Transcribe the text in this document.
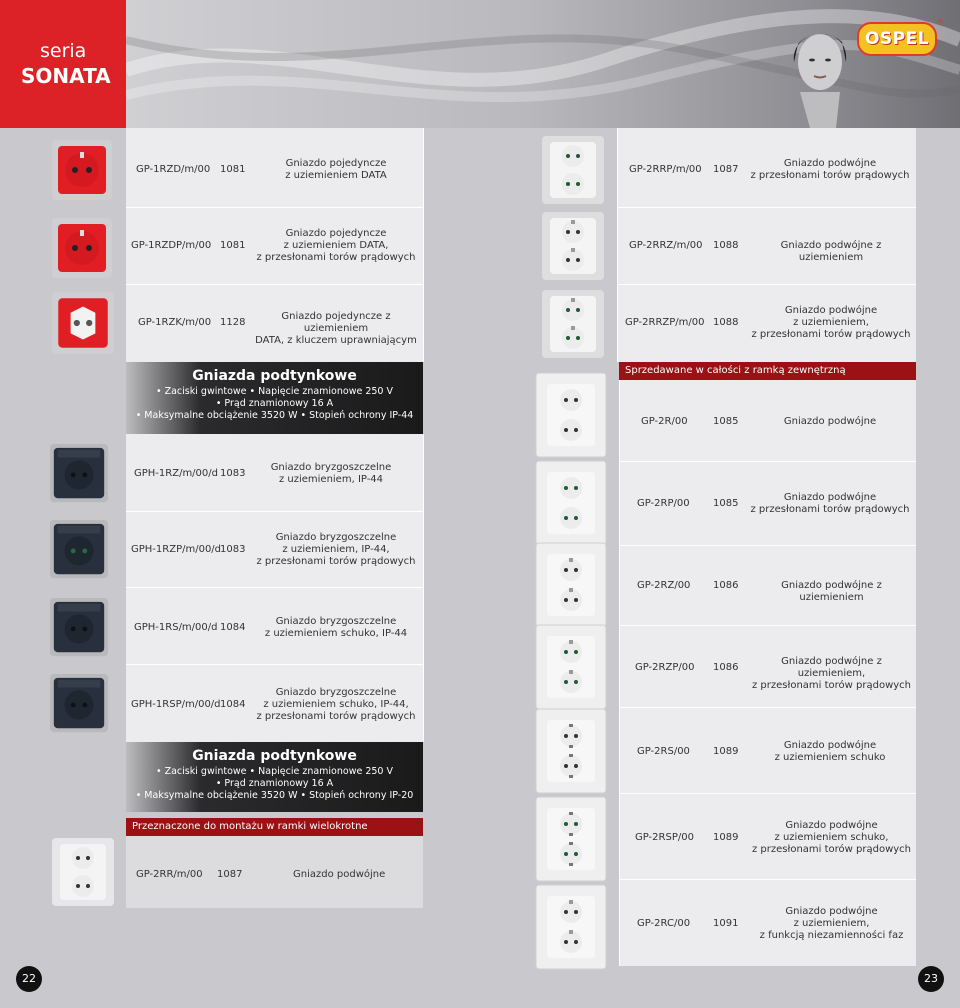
seria
SONATA
OSPEL
®
GP-1RZD/m/00 1081
Gniazdo pojedyncze
z uziemieniem DATA
GP-1RZDP/m/00 1081
Gniazdo pojedyncze
z uziemieniem DATA,
z przesłonami torów prądowych
GP-1RZK/m/00 1128
Gniazdo pojedyncze z uziemieniem
DATA, z kluczem uprawniającym
Gniazda podtynkowe
• Zaciski gwintowe • Napięcie znamionowe 250 V
• Prąd znamionowy 16 A
• Maksymalne obciążenie 3520 W • Stopień ochrony IP-44
GPH-1RZ/m/00/d 1083
Gniazdo bryzgoszczelne
z uziemieniem, IP-44
GPH-1RZP/m/00/d
1083
Gniazdo bryzgoszczelne
z uziemieniem, IP-44,
z przesłonami torów prądowych
GPH-1RS/m/00/d 1084
Gniazdo bryzgoszczelne
z uziemieniem schuko, IP-44
GPH-1RSP/m/00/d 1084
Gniazdo bryzgoszczelne
z uziemieniem schuko, IP-44,
z przesłonami torów prądowych
Gniazda podtynkowe
• Zaciski gwintowe • Napięcie znamionowe 250 V
• Prąd znamionowy 16 A
• Maksymalne obciążenie 3520 W • Stopień ochrony IP-20
Przeznaczone do montażu w ramki wielokrotne
GP-2RR/m/00 1087	Gniazdo podwójne
GP-2RRP/m/00 1087
Gniazdo podwójne
z przesłonami torów prądowych
GP-2RRZ/m/00 1088	Gniazdo podwójne z uziemieniem
GP-2RRZP/m/00 1088
Gniazdo podwójne
z uziemieniem,
z przesłonami torów prądowych
Sprzedawane w całości z ramką zewnętrzną
GP-2R/00	1085	Gniazdo podwójne
GP-2RP/00 1085
Gniazdo podwójne
z przesłonami torów prądowych
GP-2RZ/00 1086	Gniazdo podwójne z uziemieniem
GP-2RZP/00 1086
Gniazdo podwójne z uziemieniem,
z przesłonami torów prądowych
GP-2RS/00 1089
Gniazdo podwójne
z uziemieniem schuko
GP-2RSP/00 1089
Gniazdo podwójne
z uziemieniem schuko,
z przesłonami torów prądowych
GP-2RC/00 1091
Gniazdo podwójne
z uziemieniem,
z funkcją niezamienności faz
22	23
